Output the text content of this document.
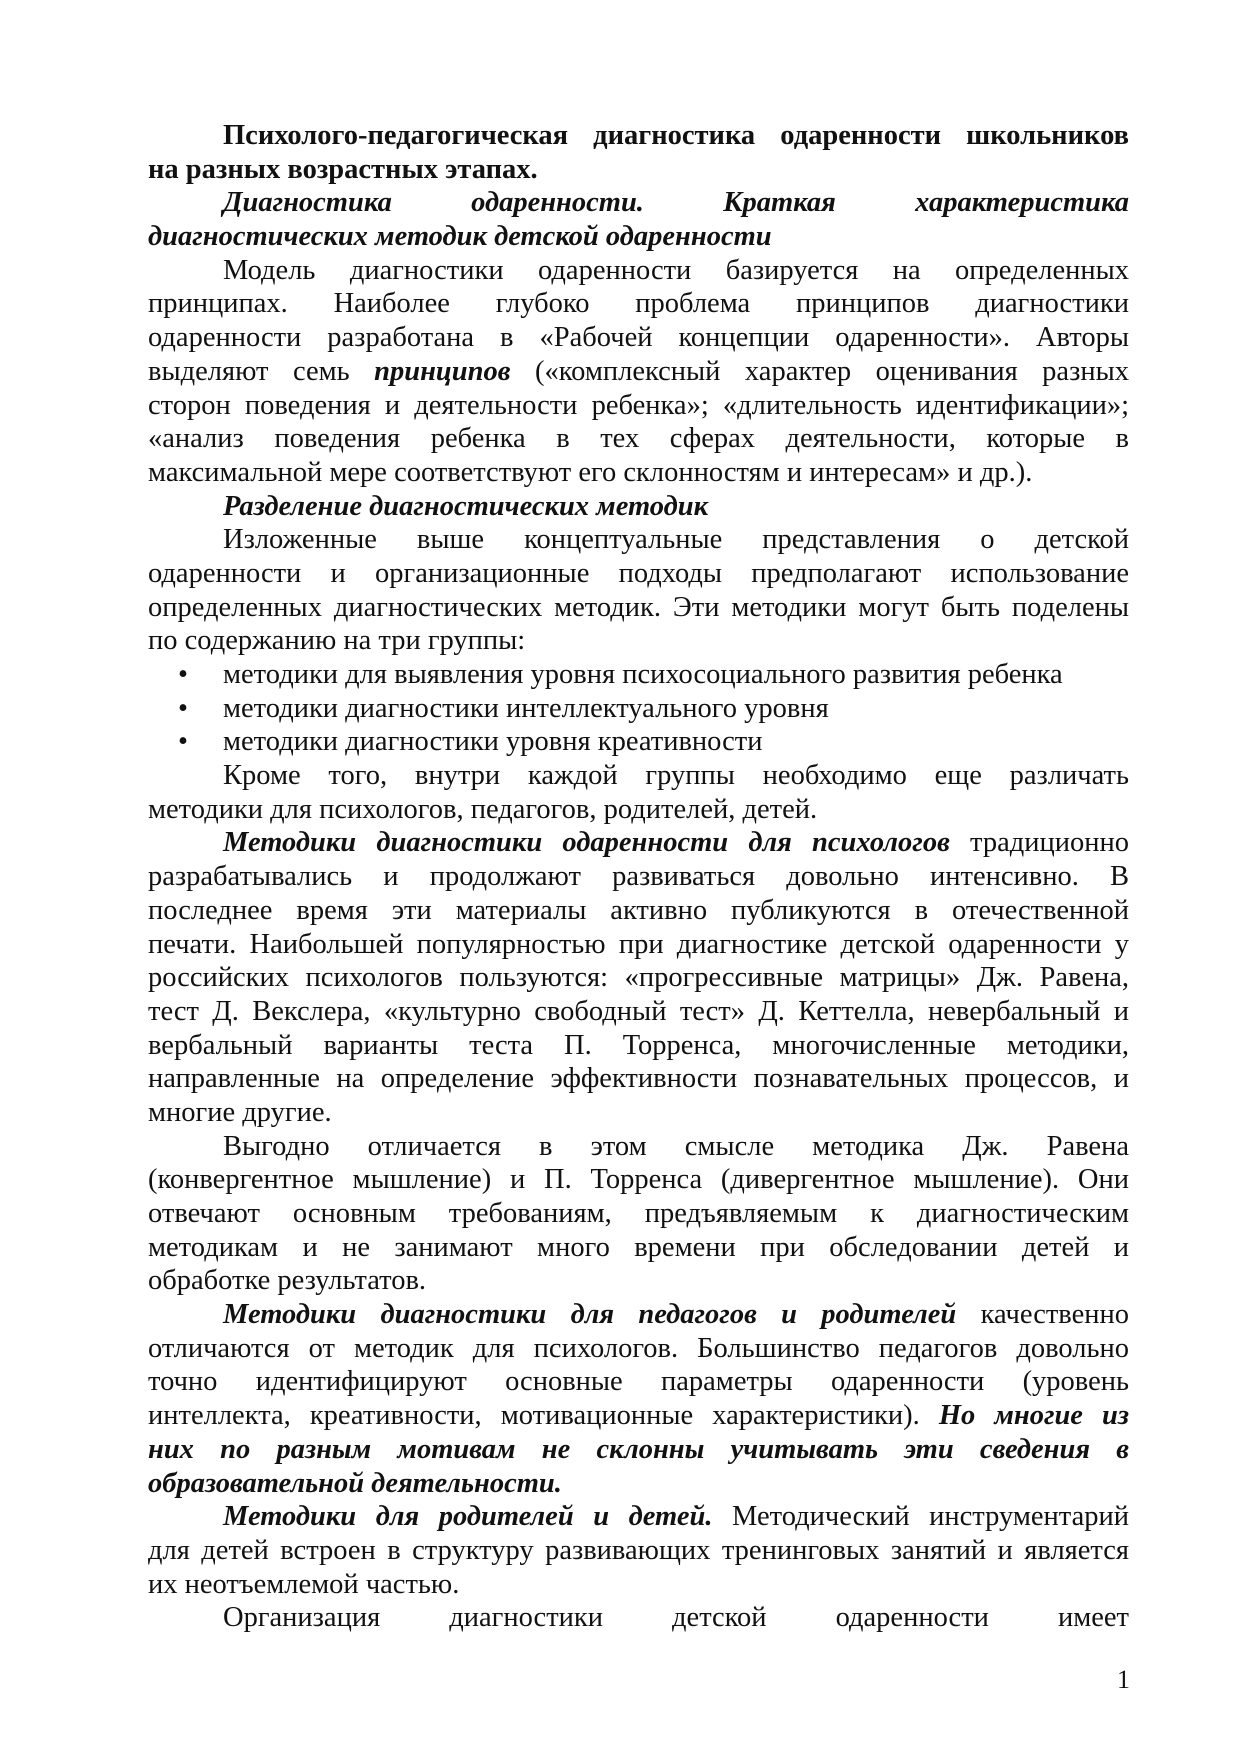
Психолого-педагогическая диагностика одаренности школьников
на разных возрастных этапах.
Диагностика одаренности. Краткая характеристика
диагностических методик детской одаренности
Модель диагностики одаренности базируется на определенных
принципах. Наиболее глубоко проблема принципов диагностики
одаренности разработана в «Рабочей концепции одаренности». Авторы
выделяют семь принципов («комплексный характер оценивания разных
сторон поведения и деятельности ребенка»; «длительность идентификации»;
«анализ поведения ребенка в тех сферах деятельности, которые в
максимальной мере соответствуют его склонностям и интересам» и др.).
Разделение диагностических методик
Изложенные выше концептуальные представления о детской
одаренности и организационные подходы предполагают использование
определенных диагностических методик. Эти методики могут быть поделены
по содержанию на три группы:
• методики для выявления уровня психосоциального развития ребенка
• методики диагностики интеллектуального уровня
• методики диагностики уровня креативности
Кроме того, внутри каждой группы необходимо еще различать
методики для психологов, педагогов, родителей, детей.
Методики диагностики одаренности для психологов традиционно
разрабатывались и продолжают развиваться довольно интенсивно. В
последнее время эти материалы активно публикуются в отечественной
печати. Наибольшей популярностью при диагностике детской одаренности у
российских психологов пользуются: «прогрессивные матрицы» Дж. Равена,
тест Д. Векслера, «культурно свободный тест» Д. Кеттелла, невербальный и
вербальный варианты теста П. Торренса, многочисленные методики,
направленные на определение эффективности познавательных процессов, и
многие другие.
Выгодно отличается в этом смысле методика Дж. Равена
(конвергентное мышление) и П. Торренса (дивергентное мышление). Они
отвечают основным требованиям, предъявляемым к диагностическим
методикам и не занимают много времени при обследовании детей и
обработке результатов.
Методики диагностики для педагогов и родителей качественно
отличаются от методик для психологов. Большинство педагогов довольно
точно идентифицируют основные параметры одаренности (уровень
интеллекта, креативности, мотивационные характеристики). Но многие из
них по разным мотивам не склонны учитывать эти сведения в
образовательной деятельности.
Методики для родителей и детей. Методический инструментарий
для детей встроен в структуру развивающих тренинговых занятий и является
их неотъемлемой частью.
Организация диагностики детской одаренности имеет
1
